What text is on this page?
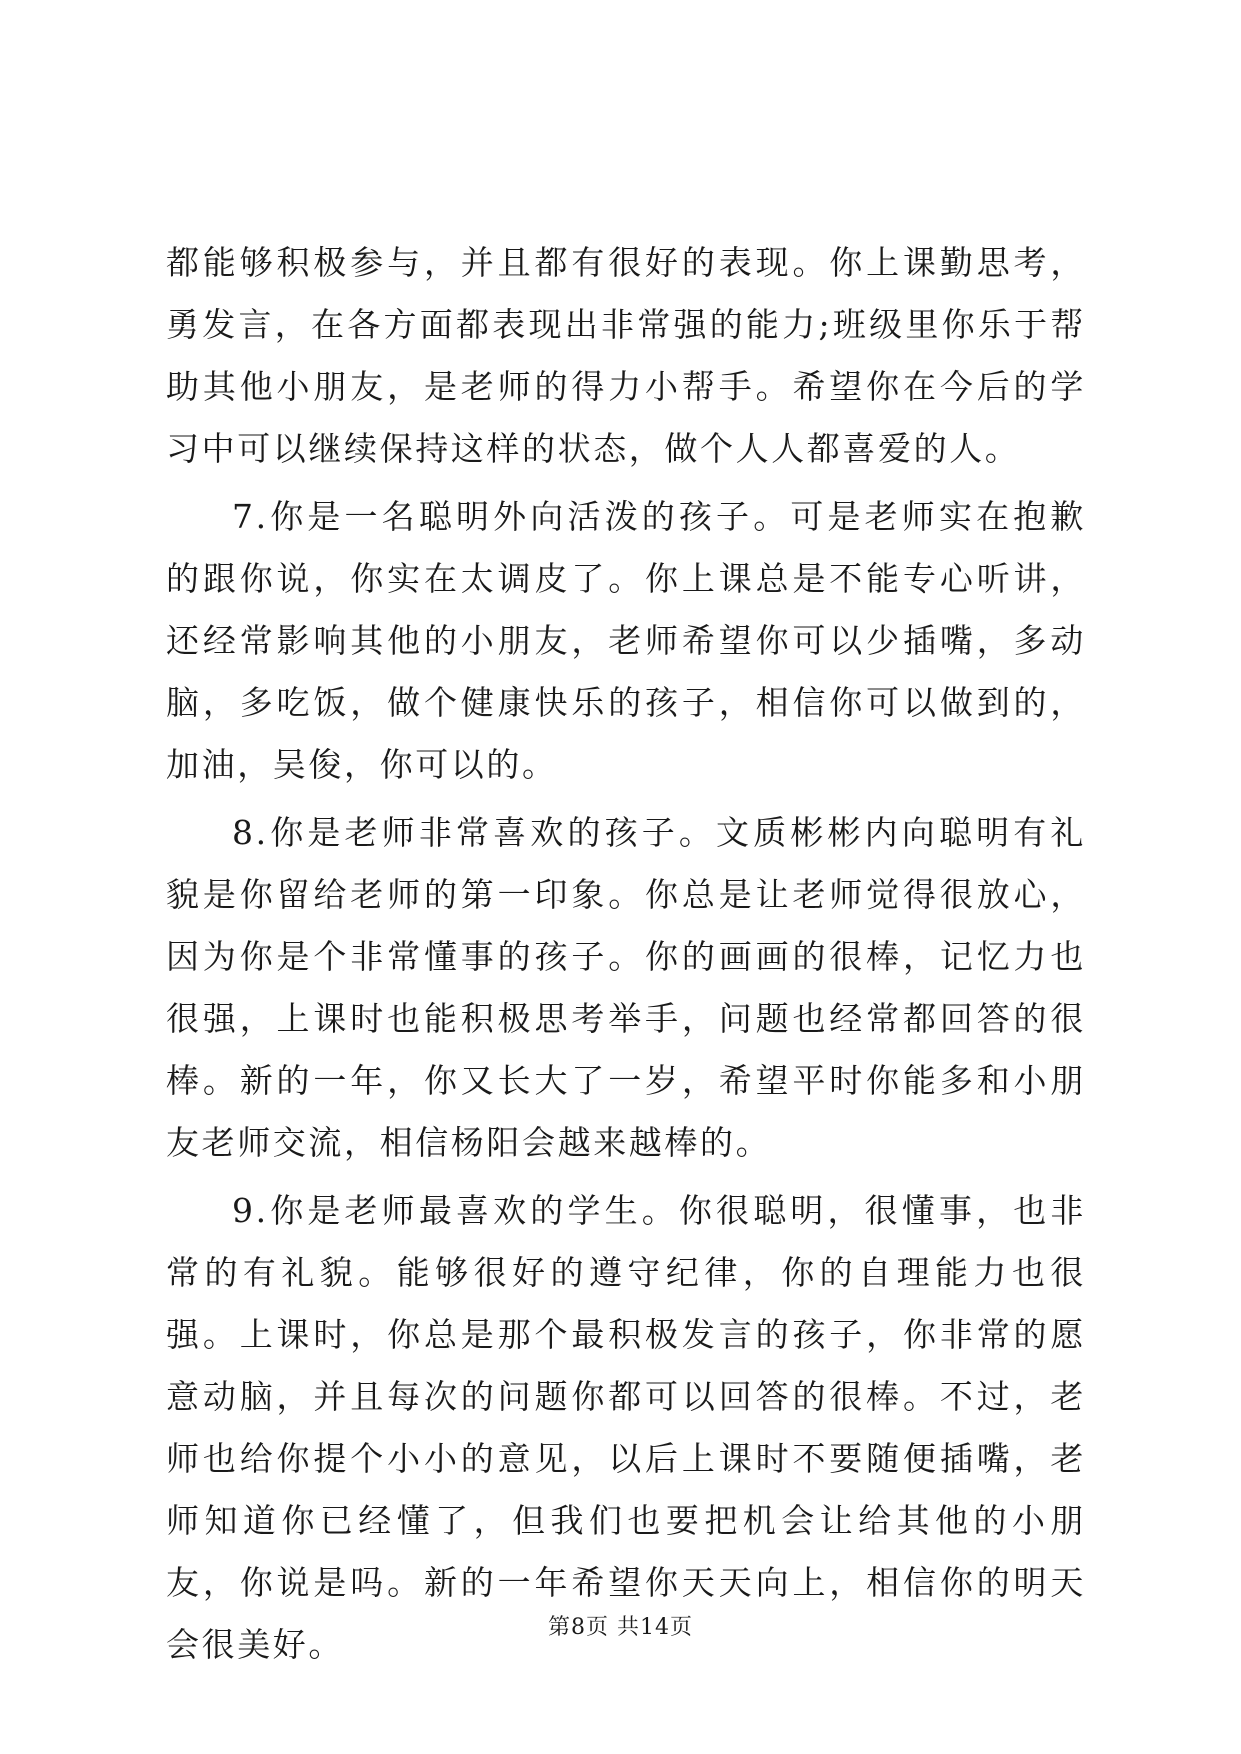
都能够积极参与，并且都有很好的表现。你上课勤思考，勇发言，在各方面都表现出非常强的能力;班级里你乐于帮助其他小朋友，是老师的得力小帮手。希望你在今后的学习中可以继续保持这样的状态，做个人人都喜爱的人。

7.你是一名聪明外向活泼的孩子。可是老师实在抱歉的跟你说，你实在太调皮了。你上课总是不能专心听讲，还经常影响其他的小朋友，老师希望你可以少插嘴，多动脑，多吃饭，做个健康快乐的孩子，相信你可以做到的，加油，吴俊，你可以的。

8.你是老师非常喜欢的孩子。文质彬彬内向聪明有礼貌是你留给老师的第一印象。你总是让老师觉得很放心，因为你是个非常懂事的孩子。你的画画的很棒，记忆力也很强，上课时也能积极思考举手，问题也经常都回答的很棒。新的一年，你又长大了一岁，希望平时你能多和小朋友老师交流，相信杨阳会越来越棒的。

9.你是老师最喜欢的学生。你很聪明，很懂事，也非常的有礼貌。能够很好的遵守纪律，你的自理能力也很强。上课时，你总是那个最积极发言的孩子，你非常的愿意动脑，并且每次的问题你都可以回答的很棒。不过，老师也给你提个小小的意见，以后上课时不要随便插嘴，老师知道你已经懂了，但我们也要把机会让给其他的小朋友，你说是吗。新的一年希望你天天向上，相信你的明天会很美好。	第8页 共14页
